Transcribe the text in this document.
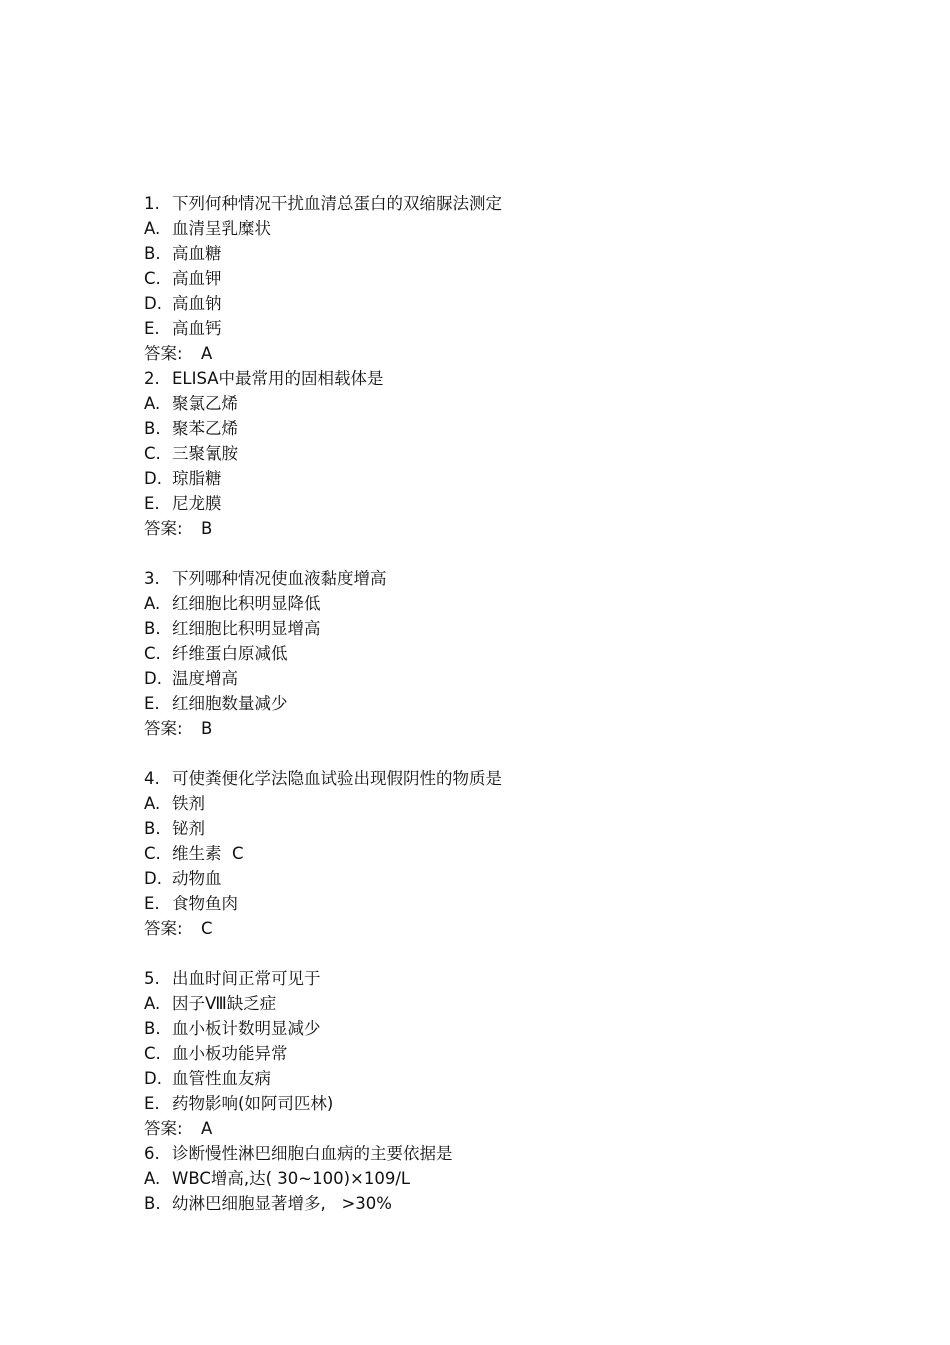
1. 下列何种情况干扰血清总蛋白的双缩脲法测定
A. 血清呈乳糜状
B. 高血糖
C. 高血钾
D. 高血钠
E. 高血钙
答案: A
2. ELISA中最常用的固相载体是
A. 聚氯乙烯
B. 聚苯乙烯
C. 三聚氰胺
D. 琼脂糖
E. 尼龙膜
答案: B
3. 下列哪种情况使血液黏度增高
A. 红细胞比积明显降低
B. 红细胞比积明显增高
C. 纤维蛋白原减低
D. 温度增高
E. 红细胞数量减少
答案: B
4. 可使粪便化学法隐血试验出现假阴性的物质是
A. 铁剂
B. 铋剂
C. 维生素  C
D. 动物血
E. 食物鱼肉
答案: C
5. 出血时间正常可见于
A. 因子Ⅷ缺乏症
B. 血小板计数明显减少
C. 血小板功能异常
D. 血管性血友病
E. 药物影响(如阿司匹林)
答案: A
6. 诊断慢性淋巴细胞白血病的主要依据是
A. WBC增高,达( 30~100)×109/L
B. 幼淋巴细胞显著增多,   >30%
